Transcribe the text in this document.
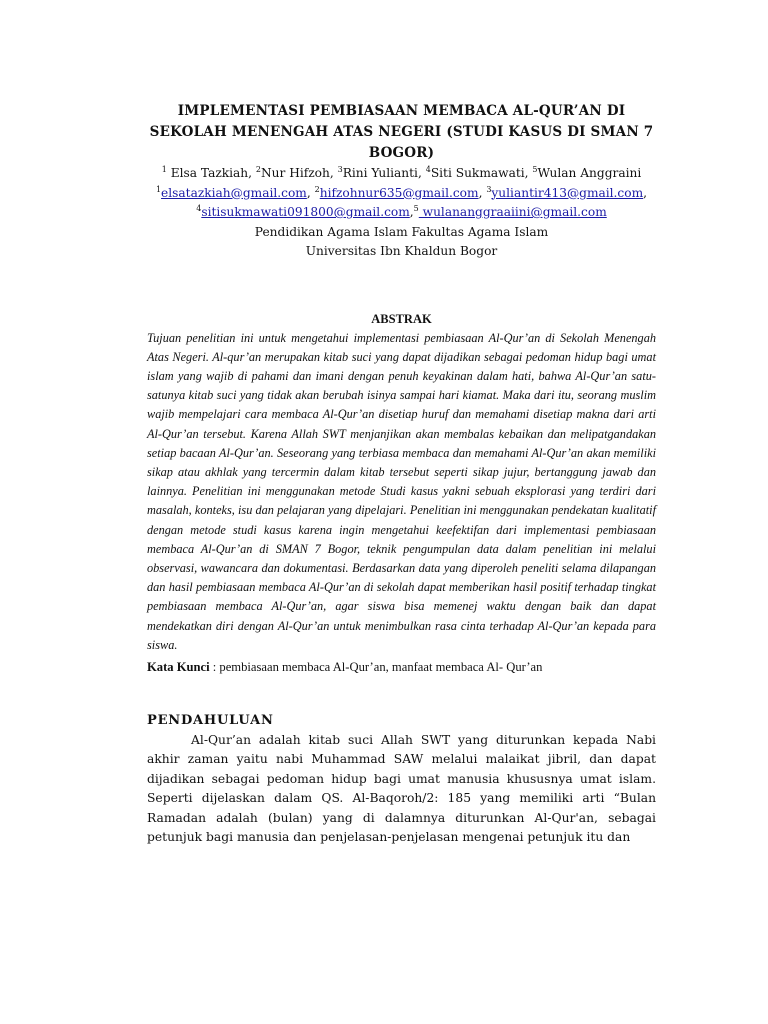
IMPLEMENTASI PEMBIASAAN MEMBACA AL-QUR’AN DI SEKOLAH MENENGAH ATAS NEGERI (STUDI KASUS DI SMAN 7 BOGOR)
$^1$ Elsa Tazkiah, $^2$Nur Hifzoh, $^3$Rini Yulianti, $^4$Siti Sukmawati, $^5$Wulan Anggraini
$^1$elsatazkiah@gmail.com, $^2$hifzohnur635@gmail.com, $^3$yuliantir413@gmail.com,
$^4$sitisukmawati091800@gmail.com,$^5$ wulananggraaiini@gmail.com
Pendidikan Agama Islam Fakultas Agama Islam
Universitas Ibn Khaldun Bogor
ABSTRAK

Tujuan penelitian ini untuk mengetahui implementasi pembiasaan Al-Qur’an di Sekolah Menengah Atas Negeri. Al-qur’an merupakan kitab suci yang dapat dijadikan sebagai pedoman hidup bagi umat islam yang wajib di pahami dan imani dengan penuh keyakinan dalam hati, bahwa Al-Qur’an satu-satunya kitab suci yang tidak akan berubah isinya sampai hari kiamat. Maka dari itu, seorang muslim wajib mempelajari cara membaca Al-Qur’an disetiap huruf dan memahami disetiap makna dari arti Al-Qur’an tersebut. Karena Allah SWT menjanjikan akan membalas kebaikan dan melipatgandakan setiap bacaan Al-Qur’an. Seseorang yang terbiasa membaca dan memahami Al-Qur’an akan memiliki sikap atau akhlak yang tercermin dalam kitab tersebut seperti sikap jujur, bertanggung jawab dan lainnya. Penelitian ini menggunakan metode Studi kasus yakni sebuah eksplorasi yang terdiri dari masalah, konteks, isu dan pelajaran yang dipelajari. Penelitian ini menggunakan pendekatan kualitatif dengan metode studi kasus karena ingin mengetahui keefektifan dari implementasi pembiasaan membaca Al-Qur’an di SMAN 7 Bogor, teknik pengumpulan data dalam penelitian ini melalui observasi, wawancara dan dokumentasi. Berdasarkan data yang diperoleh peneliti selama dilapangan dan hasil pembiasaan membaca Al-Qur’an di sekolah dapat memberikan hasil positif terhadap tingkat pembiasaan membaca Al-Qur’an, agar siswa bisa memenej waktu dengan baik dan dapat mendekatkan diri dengan Al-Qur’an untuk menimbulkan rasa cinta terhadap Al-Qur’an kepada para siswa.

Kata Kunci : pembiasaan membaca Al-Qur’an, manfaat membaca Al- Qur’an
PENDAHULUAN

Al-Qur’an adalah kitab suci Allah SWT yang diturunkan kepada Nabi akhir zaman yaitu nabi Muhammad SAW melalui malaikat jibril, dan dapat dijadikan sebagai pedoman hidup bagi umat manusia khususnya umat islam. Seperti dijelaskan dalam QS. Al-Baqoroh/2: 185 yang memiliki arti “Bulan Ramadan adalah (bulan) yang di dalamnya diturunkan Al-Qur'an, sebagai petunjuk bagi manusia dan penjelasan-penjelasan mengenai petunjuk itu dan
